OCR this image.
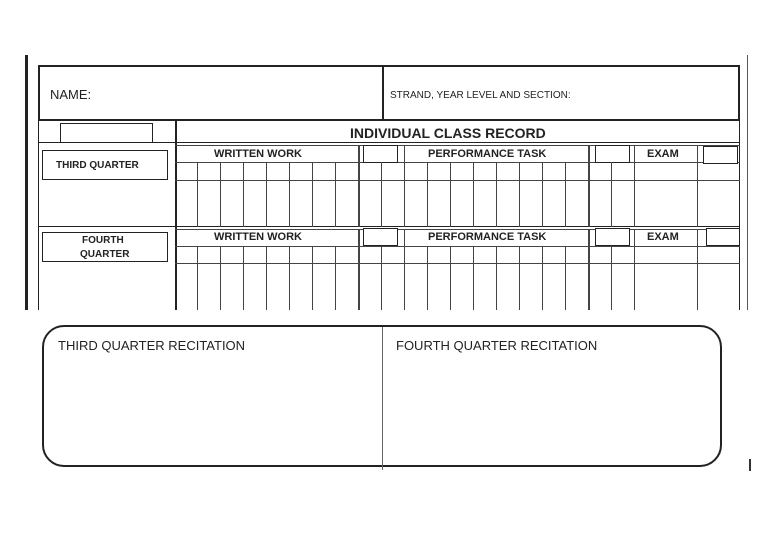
NAME:	STRAND, YEAR LEVEL AND SECTION:
INDIVIDUAL CLASS RECORD
THIRD QUARTER
WRITTEN WORK	PERFORMANCE TASK	EXAM
FOURTH
QUARTER
WRITTEN WORK	PERFORMANCE TASK	EXAM
THIRD QUARTER RECITATION	FOURTH QUARTER RECITATION
